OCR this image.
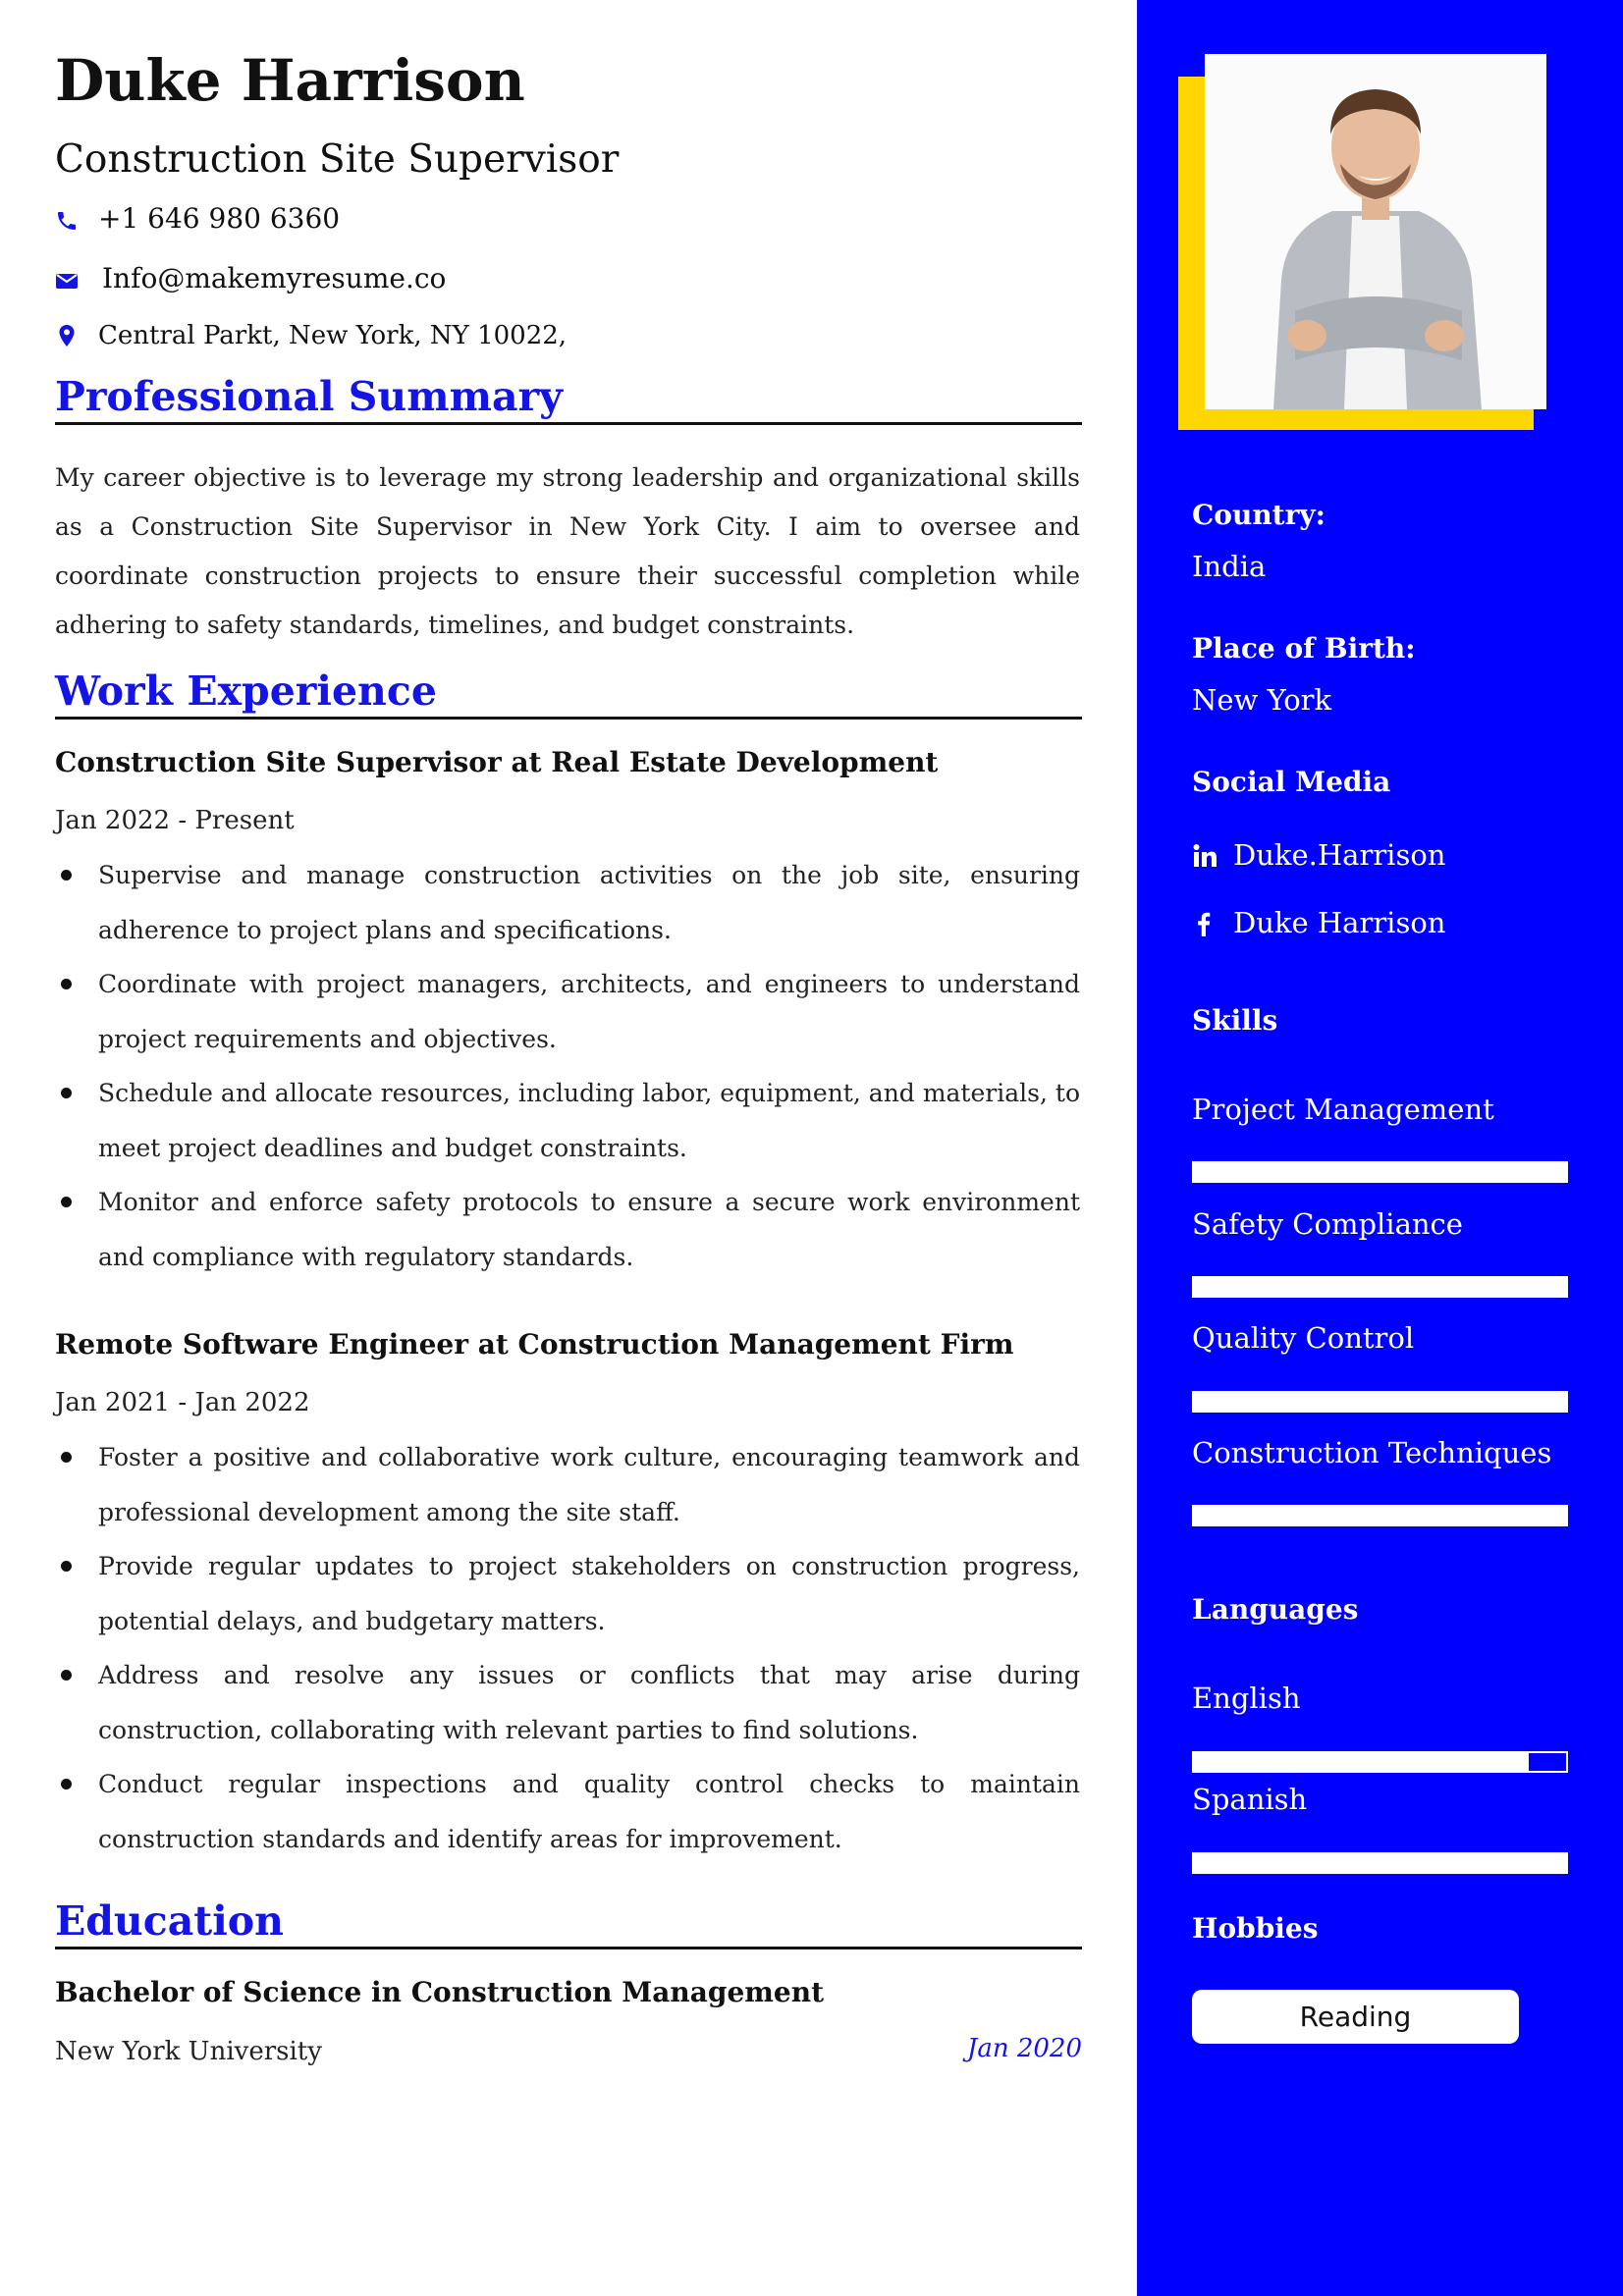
Duke Harrison
Construction Site Supervisor
+1 646 980 6360
Info@makemyresume.co
Central Parkt, New York, NY 10022,
Professional Summary

My career objective is to leverage my strong leadership and organizational skills as a Construction Site Supervisor in New York City. I aim to oversee and coordinate construction projects to ensure their successful completion while adhering to safety standards, timelines, and budget constraints.

Work Experience
Construction Site Supervisor at Real Estate Development
Jan 2022 - Present
Supervise and manage construction activities on the job site, ensuring adherence to project plans and specifications.
Coordinate with project managers, architects, and engineers to understand project requirements and objectives.
Schedule and allocate resources, including labor, equipment, and materials, to meet project deadlines and budget constraints.
Monitor and enforce safety protocols to ensure a secure work environment and compliance with regulatory standards.
Remote Software Engineer at Construction Management Firm
Jan 2021 - Jan 2022
Foster a positive and collaborative work culture, encouraging teamwork and professional development among the site staff.
Provide regular updates to project stakeholders on construction progress, potential delays, and budgetary matters.
Address and resolve any issues or conflicts that may arise during construction, collaborating with relevant parties to find solutions.
Conduct regular inspections and quality control checks to maintain construction standards and identify areas for improvement.
Education
Bachelor of Science in Construction Management
New York University	Jan 2020
Country:
India
Place of Birth:
New York
Social Media
Duke.Harrison
Duke Harrison
Skills
Project Management
Safety Compliance
Quality Control
Construction Techniques
Languages
English
Spanish
Hobbies
Reading
